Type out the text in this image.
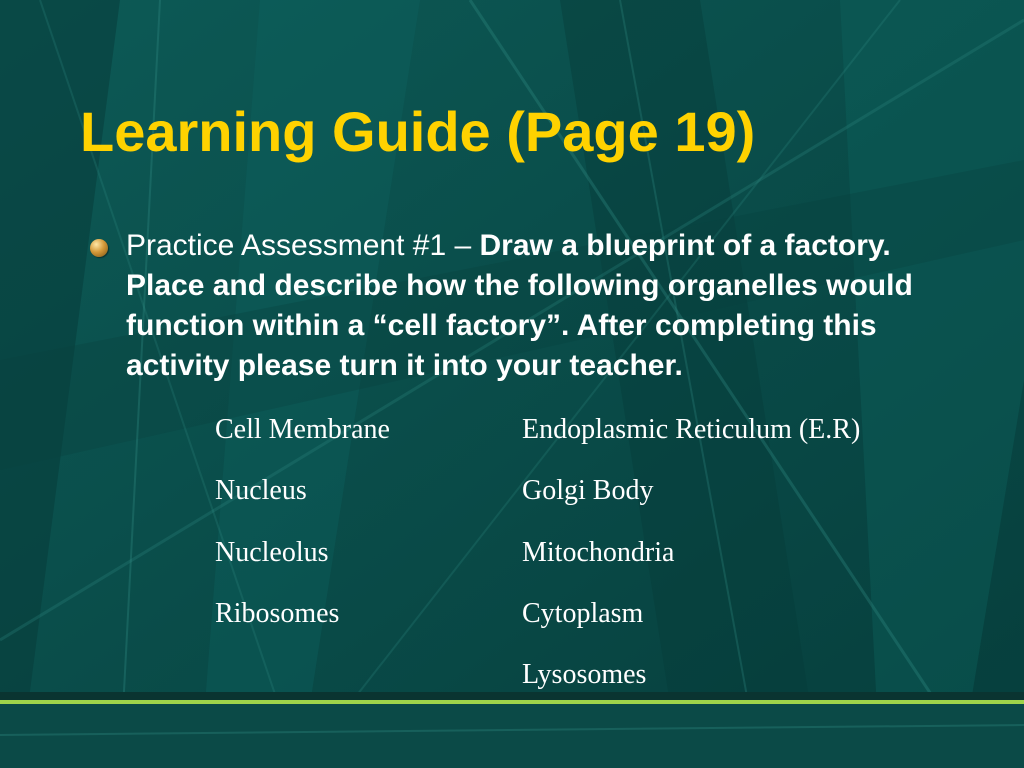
Learning Guide (Page 19)

Practice Assessment #1 – Draw a blueprint of a factory. Place and describe how the following organelles would function within a “cell factory”. After completing this activity please turn it into your teacher.

Cell Membrane
Nucleus
Nucleolus
Ribosomes
Endoplasmic Reticulum (E.R)
Golgi Body
Mitochondria
Cytoplasm
Lysosomes
